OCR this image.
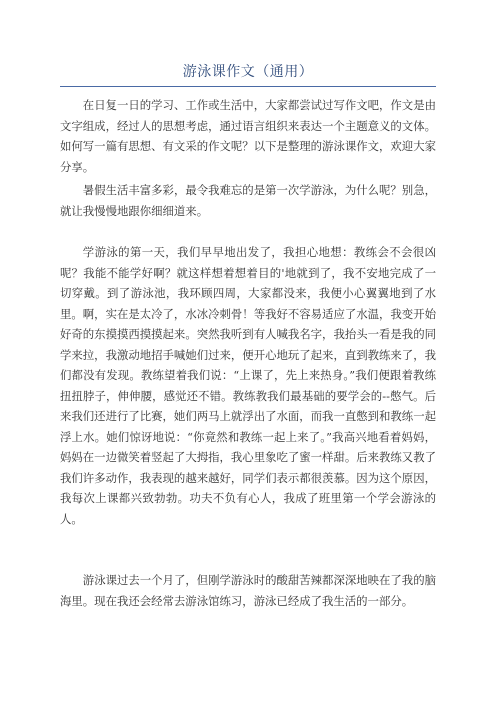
游泳课作文（通用）

在日复一日的学习、工作或生活中，大家都尝试过写作文吧，作文是由文字组成，经过人的思想考虑，通过语言组织来表达一个主题意义的文体。如何写一篇有思想、有文采的作文呢？以下是整理的游泳课作文，欢迎大家分享。

暑假生活丰富多彩，最令我难忘的是第一次学游泳，为什么呢？别急，就让我慢慢地跟你细细道来。

学游泳的第一天，我们早早地出发了，我担心地想：教练会不会很凶呢？我能不能学好啊？就这样想着想着目的'地就到了，我不安地完成了一切穿戴。到了游泳池，我环顾四周，大家都没来，我便小心翼翼地到了水里。啊，实在是太冷了，水冰冷刺骨！等我好不容易适应了水温，我变开始好奇的东摸摸西摸摸起来。突然我听到有人喊我名字，我抬头一看是我的同学来拉，我激动地招手喊她们过来，便开心地玩了起来，直到教练来了，我们都没有发现。教练望着我们说：“上课了，先上来热身。”我们便跟着教练扭扭脖子，伸伸腰，感觉还不错。教练教我们最基础的要学会的--憋气。后来我们还进行了比赛，她们两马上就浮出了水面，而我一直憋到和教练一起浮上水。她们惊讶地说：“你竟然和教练一起上来了。”我高兴地看着妈妈，妈妈在一边微笑着竖起了大拇指，我心里象吃了蜜一样甜。后来教练又教了我们许多动作，我表现的越来越好，同学们表示都很羡慕。因为这个原因，我每次上课都兴致勃勃。功夫不负有心人，我成了班里第一个学会游泳的人。

游泳课过去一个月了，但刚学游泳时的酸甜苦辣都深深地映在了我的脑海里。现在我还会经常去游泳馆练习，游泳已经成了我生活的一部分。
